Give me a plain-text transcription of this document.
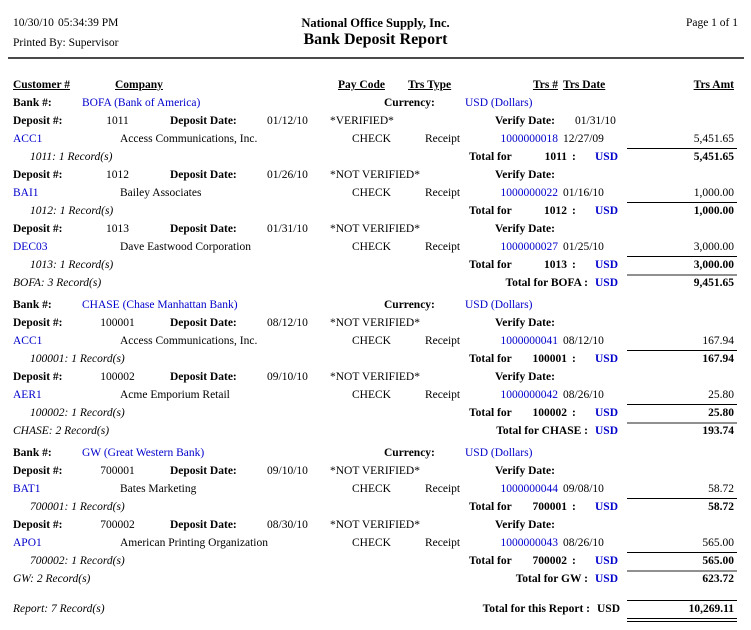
10/30/10 05:34:39 PM	National Office Supply, Inc.	Page 1 of 1
Printed By: Supervisor	Bank Deposit Report
Customer #	Company	Pay Code Trs Type	Trs # Trs Date	Trs Amt
Bank #:	BOFA (Bank of America)	Currency:	USD (Dollars)
Deposit #:	1011	Deposit Date:	01/12/10 *VERIFIED*	Verify Date: 01/31/10
ACC1	Access Communications, Inc.	CHECK	Receipt	1000000018 12/27/09	5,451.65
1011: 1 Record(s)	Total for	1011 : USD	5,451.65
Deposit #:	1012	Deposit Date:	01/26/10 *NOT VERIFIED*	Verify Date:
BAI1	Bailey Associates	CHECK	Receipt	1000000022 01/16/10	1,000.00
1012: 1 Record(s)	Total for	1012 : USD	1,000.00
Deposit #:	1013	Deposit Date:	01/31/10 *NOT VERIFIED*	Verify Date:
DEC03	Dave Eastwood Corporation	CHECK	Receipt	1000000027 01/25/10	3,000.00
1013: 1 Record(s)	Total for	1013 : USD	3,000.00
BOFA: 3 Record(s)	Total for BOFA : USD	9,451.65
Bank #:	CHASE (Chase Manhattan Bank)	Currency:	USD (Dollars)
Deposit #:	100001	Deposit Date:	08/12/10 *NOT VERIFIED*	Verify Date:
ACC1	Access Communications, Inc.	CHECK	Receipt	1000000041 08/12/10	167.94
100001: 1 Record(s)	Total for	100001 : USD	167.94
Deposit #:	100002	Deposit Date:	09/10/10 *NOT VERIFIED*	Verify Date:
AER1	Acme Emporium Retail	CHECK	Receipt	1000000042 08/26/10	25.80
100002: 1 Record(s)	Total for	100002 : USD	25.80
CHASE: 2 Record(s)	Total for CHASE : USD	193.74
Bank #:	GW (Great Western Bank)	Currency:	USD (Dollars)
Deposit #:	700001	Deposit Date:	09/10/10 *NOT VERIFIED*	Verify Date:
BAT1	Bates Marketing	CHECK	Receipt	1000000044 09/08/10	58.72
700001: 1 Record(s)	Total for	700001 : USD	58.72
Deposit #:	700002	Deposit Date:	08/30/10 *NOT VERIFIED*	Verify Date:
APO1	American Printing Organization	CHECK	Receipt	1000000043 08/26/10	565.00
700002: 1 Record(s)	Total for	700002 : USD	565.00
GW: 2 Record(s)	Total for GW : USD	623.72
Report: 7 Record(s)	Total for this Report : USD	10,269.11
